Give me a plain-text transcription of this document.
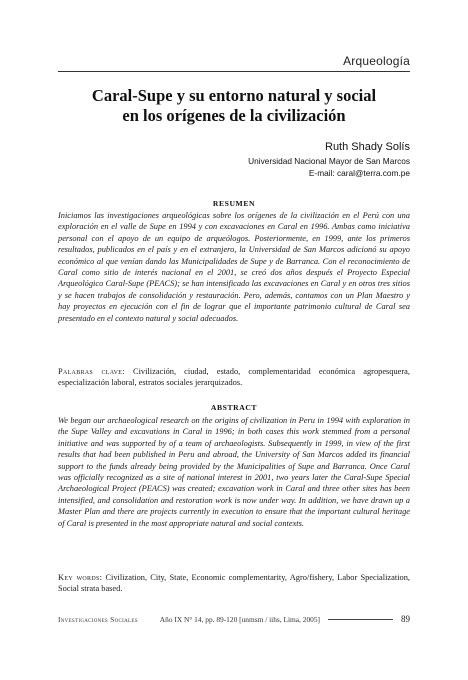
Arqueología
Caral-Supe y su entorno natural y social
en los orígenes de la civilización
Ruth Shady Solís
Universidad Nacional Mayor de San Marcos
E-mail: caral@terra.com.pe
RESUMEN
Iniciamos las investigaciones arqueológicas sobre los orígenes de la civilización en el Perú con una exploración en el valle de Supe en 1994 y con excavaciones en Caral en 1996. Ambas como iniciativa personal con el apoyo de un equipo de arqueólogos. Posteriormente, en 1999, ante los primeros resultados, publicados en el país y en el extranjero, la Universidad de San Marcos adicionó su apoyo económico al que venían dando las Municipalidades de Supe y de Barranca. Con el reconocimiento de Caral como sitio de interés nacional en el 2001, se creó dos años después el Proyecto Especial Arqueológico Caral-Supe (PEACS); se han intensificado las excavaciones en Caral y en otros tres sitios y se hacen trabajos de consolidación y restauración. Pero, además, contamos con un Plan Maestro y hay proyectos en ejecución con el fin de lograr que el importante patrimonio cultural de Caral sea presentado en el contexto natural y social adecuados.
Palabras clave: Civilización, ciudad, estado, complementaridad económica agropesquera, especialización laboral, estratos sociales jerarquizados.
ABSTRACT
We began our archaeological research on the origins of civilization in Peru in 1994 with exploration in the Supe Valley and excavations in Caral in 1996; in both cases this work stemmed from a personal initiative and was supported by of a team of archaeologists. Subsequently in 1999, in view of the first results that had been published in Peru and abroad, the University of San Marcos added its financial support to the funds already being provided by the Municipalities of Supe and Barranca. Once Caral was officially recognized as a site of national interest in 2001, two years later the Caral-Supe Special Archaeological Project (PEACS) was created; excavation work in Caral and three other sites has been intensified, and consolidation and restoration work is now under way. In addition, we have drawn up a Master Plan and there are projects currently in execution to ensure that the important cultural heritage of Caral is presented in the most appropriate natural and social contexts.
Key words: Civilization, City, State, Economic complementarity, Agro/fishery, Labor Specialization, Social strata based.
Investigaciones Sociales	Año IX N° 14, pp. 89-120 [unmsm / iihs, Lima, 2005]	89
